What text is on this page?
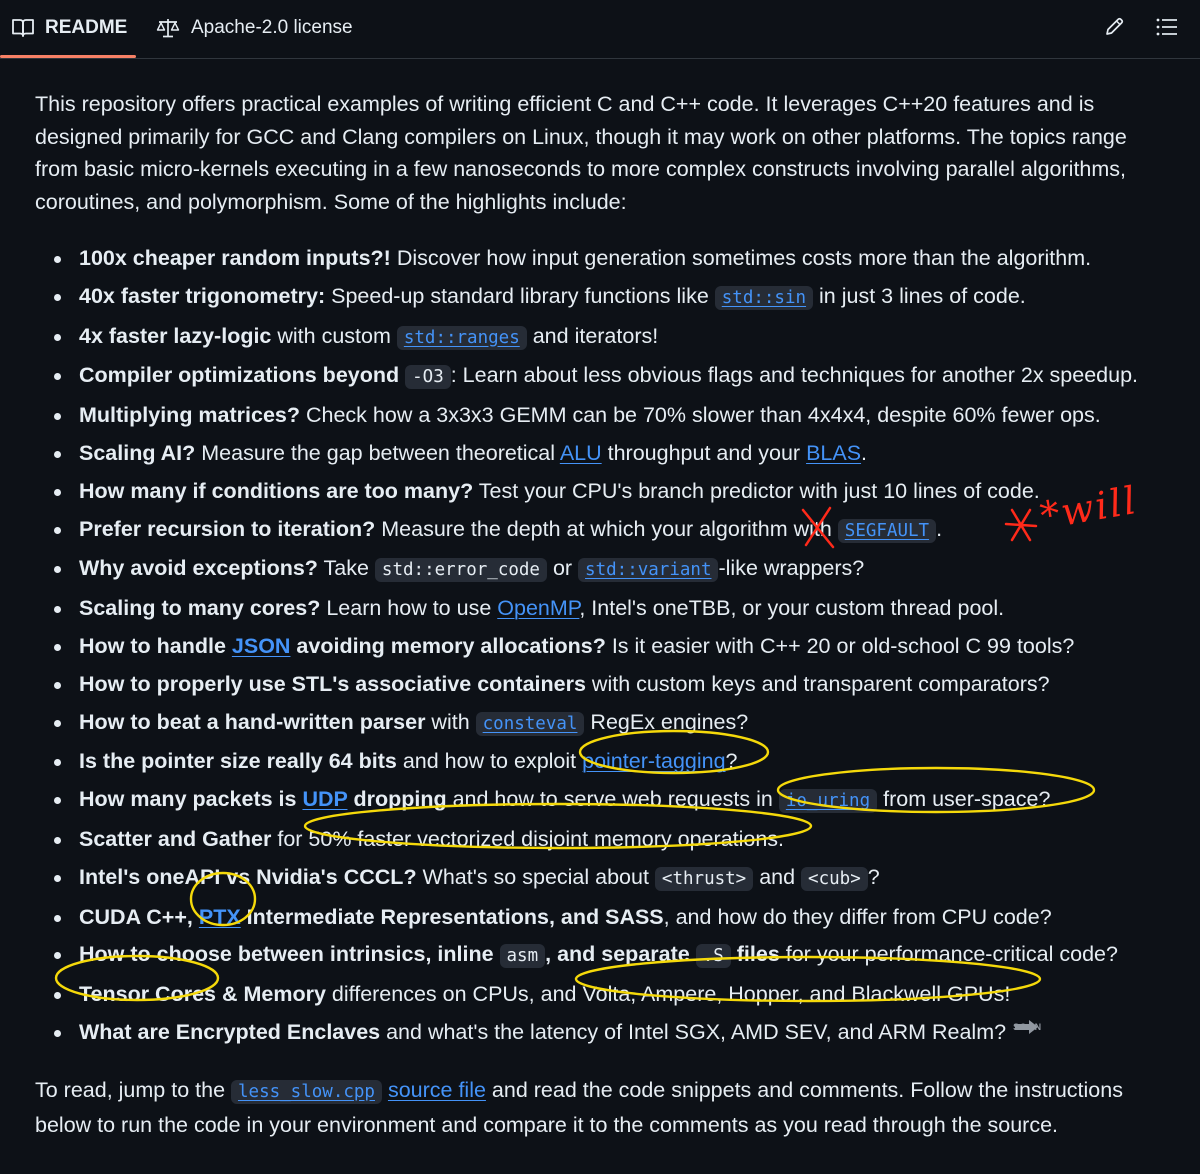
README	Apache-2.0 license

This repository offers practical examples of writing efficient C and C++ code. It leverages C++20 features and is designed primarily for GCC and Clang compilers on Linux, though it may work on other platforms. The topics range from basic micro-kernels executing in a few nanoseconds to more complex constructs involving parallel algorithms, coroutines, and polymorphism. Some of the highlights include:

100x cheaper random inputs?! Discover how input generation sometimes costs more than the algorithm.
40x faster trigonometry: Speed-up standard library functions like std::sin in just 3 lines of code.
4x faster lazy-logic with custom std::ranges and iterators!
Compiler optimizations beyond -O3 : Learn about less obvious flags and techniques for another 2x speedup.
Multiplying matrices? Check how a 3x3x3 GEMM can be 70% slower than 4x4x4, despite 60% fewer ops.
Scaling AI? Measure the gap between theoretical ALU throughput and your BLAS.
How many if conditions are too many? Test your CPU's branch predictor with just 10 lines of code.
Prefer recursion to iteration? Measure the depth at which your algorithm with SEGFAULT .
Why avoid exceptions? Take std::error_code or std::variant -like wrappers?
Scaling to many cores? Learn how to use OpenMP, Intel's oneTBB, or your custom thread pool.
How to handle JSON avoiding memory allocations? Is it easier with C++ 20 or old-school C 99 tools?
How to properly use STL's associative containers with custom keys and transparent comparators?
How to beat a hand-written parser with consteval RegEx engines?
Is the pointer size really 64 bits and how to exploit pointer-tagging?
How many packets is UDP dropping and how to serve web requests in io_uring from user-space?
Scatter and Gather for 50% faster vectorized disjoint memory operations.
Intel's oneAPI vs Nvidia's CCCL? What's so special about <thrust> and <cub> ?
CUDA C++, PTX Intermediate Representations, and SASS, and how do they differ from CPU code?
How to choose between intrinsics, inline asm , and separate .S files for your performance-critical code?
Tensor Cores & Memory differences on CPUs, and Volta, Ampere, Hopper, and Blackwell GPUs!
What are Encrypted Enclaves and what's the latency of Intel SGX, AMD SEV, and ARM Realm? SOON

To read, jump to the less_slow.cpp source file and read the code snippets and comments. Follow the instructions below to run the code in your environment and compare it to the comments as you read through the source.

*will
